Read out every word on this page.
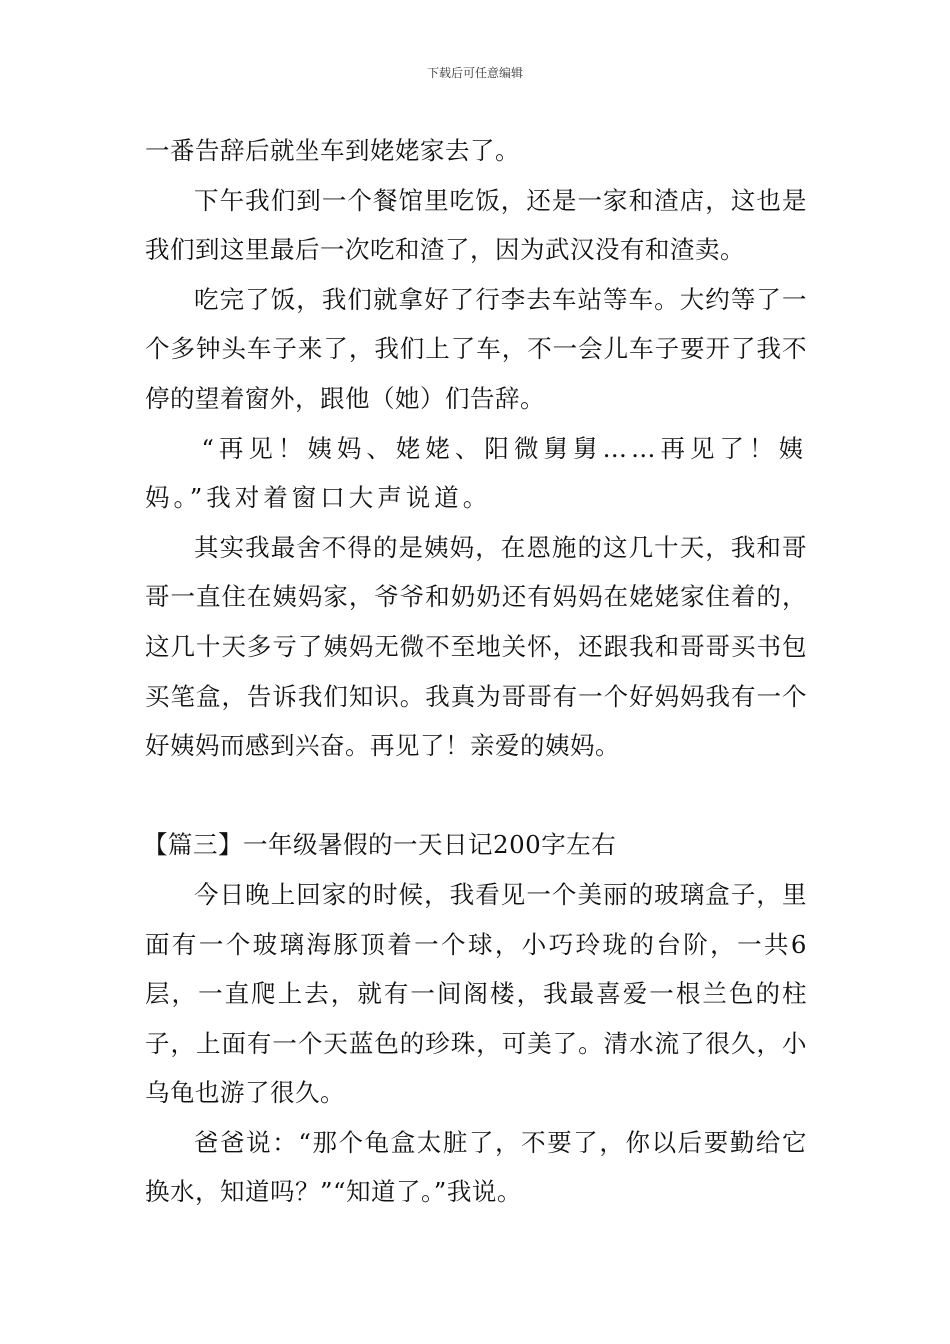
下载后可任意编辑

一番告辞后就坐车到姥姥家去了。

下午我们到一个餐馆里吃饭，还是一家和渣店，这也是我们到这里最后一次吃和渣了，因为武汉没有和渣卖。

吃完了饭，我们就拿好了行李去车站等车。大约等了一个多钟头车子来了，我们上了车，不一会儿车子要开了我不停的望着窗外，跟他（她）们告辞。

“再见！姨妈、姥姥、阳微舅舅……再见了！姨妈。”我对着窗口大声说道。

其实我最舍不得的是姨妈，在恩施的这几十天，我和哥哥一直住在姨妈家，爷爷和奶奶还有妈妈在姥姥家住着的，这几十天多亏了姨妈无微不至地关怀，还跟我和哥哥买书包买笔盒，告诉我们知识。我真为哥哥有一个好妈妈我有一个好姨妈而感到兴奋。再见了！亲爱的姨妈。

【篇三】一年级暑假的一天日记200字左右

今日晚上回家的时候，我看见一个美丽的玻璃盒子，里面有一个玻璃海豚顶着一个球，小巧玲珑的台阶，一共6层，一直爬上去，就有一间阁楼，我最喜爱一根兰色的柱子，上面有一个天蓝色的珍珠，可美了。清水流了很久，小乌龟也游了很久。

爸爸说：“那个龟盒太脏了，不要了，你以后要勤给它换水，知道吗？”“知道了。”我说。
